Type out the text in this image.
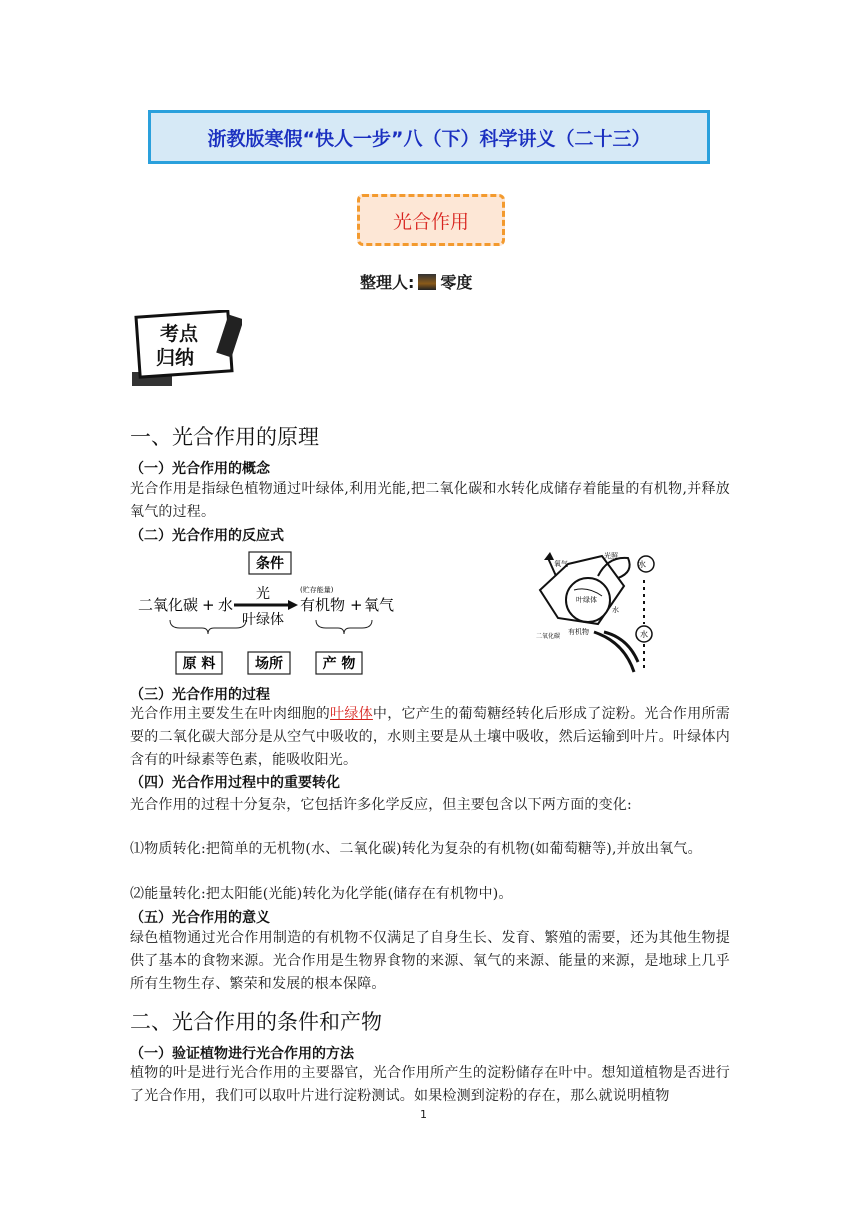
浙教版寒假“快人一步”八（下）科学讲义（二十三）
光合作用
整理人: 零度
考点
归纳
一、光合作用的原理
（一）光合作用的概念

光合作用是指绿色植物通过叶绿体,利用光能,把二氧化碳和水转化成储存着能量的有机物,并释放氧气的过程。

（二）光合作用的反应式
条件
二氧化碳 + 水
光
叶绿体
(贮存能量)
有机物 + 氧气
原 料	场所	产 物
光照
氧气
叶绿体
水
二氧化碳
有机物
水
水
（三）光合作用的过程

光合作用主要发生在叶肉细胞的叶绿体中，它产生的葡萄糖经转化后形成了淀粉。光合作用所需要的二氧化碳大部分是从空气中吸收的，水则主要是从土壤中吸收，然后运输到叶片。叶绿体内含有的叶绿素等色素，能吸收阳光。

（四）光合作用过程中的重要转化

光合作用的过程十分复杂，它包括许多化学反应，但主要包含以下两方面的变化:

⑴物质转化:把简单的无机物(水、二氧化碳)转化为复杂的有机物(如葡萄糖等),并放出氧气。

⑵能量转化:把太阳能(光能)转化为化学能(储存在有机物中)。

（五）光合作用的意义

绿色植物通过光合作用制造的有机物不仅满足了自身生长、发育、繁殖的需要，还为其他生物提供了基本的食物来源。光合作用是生物界食物的来源、氧气的来源、能量的来源，是地球上几乎所有生物生存、繁荣和发展的根本保障。

二、光合作用的条件和产物
（一）验证植物进行光合作用的方法

植物的叶是进行光合作用的主要器官，光合作用所产生的淀粉储存在叶中。想知道植物是否进行了光合作用，我们可以取叶片进行淀粉测试。如果检测到淀粉的存在，那么就说明植物

1
